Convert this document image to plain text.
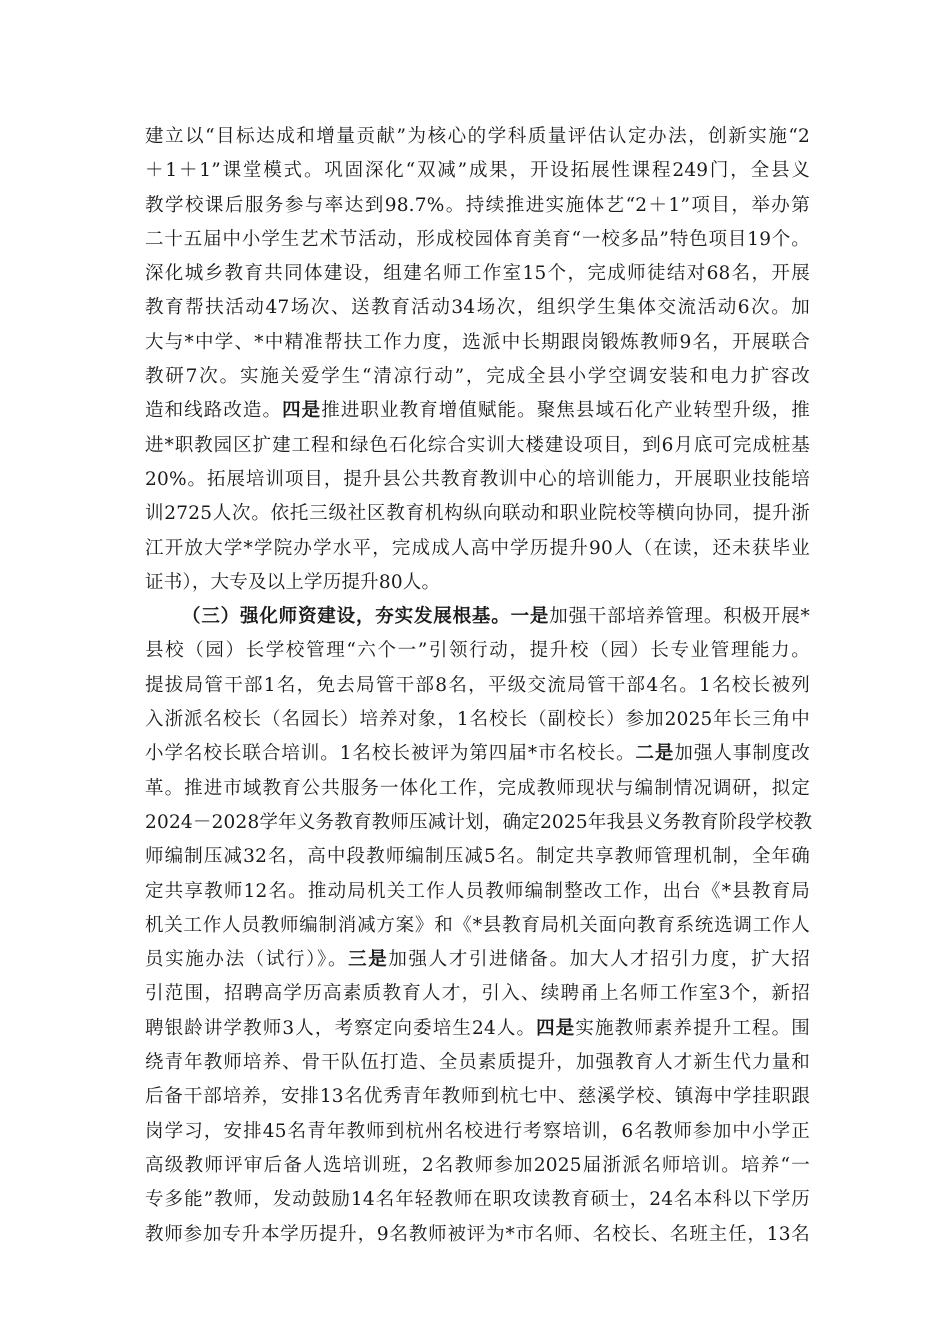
建立以“目标达成和增量贡献”为核心的学科质量评估认定办法，创新实施“2
＋1＋1”课堂模式。巩固深化“双减”成果，开设拓展性课程249门，全县义
教学校课后服务参与率达到98.7%。持续推进实施体艺“2＋1”项目，举办第
二十五届中小学生艺术节活动，形成校园体育美育“一校多品”特色项目19个。
深化城乡教育共同体建设，组建名师工作室15个，完成师徒结对68名，开展
教育帮扶活动47场次、送教育活动34场次，组织学生集体交流活动6次。加
大与*中学、*中精准帮扶工作力度，选派中长期跟岗锻炼教师9名，开展联合
教研7次。实施关爱学生“清凉行动”，完成全县小学空调安装和电力扩容改
造和线路改造。四是推进职业教育增值赋能。聚焦县域石化产业转型升级，推
进*职教园区扩建工程和绿色石化综合实训大楼建设项目，到6月底可完成桩基
20%。拓展培训项目，提升县公共教育教训中心的培训能力，开展职业技能培
训2725人次。依托三级社区教育机构纵向联动和职业院校等横向协同，提升浙
江开放大学*学院办学水平，完成成人高中学历提升90人（在读，还未获毕业
证书），大专及以上学历提升80人。
（三）强化师资建设，夯实发展根基。一是加强干部培养管理。积极开展*
县校（园）长学校管理“六个一”引领行动，提升校（园）长专业管理能力。
提拔局管干部1名，免去局管干部8名，平级交流局管干部4名。1名校长被列
入浙派名校长（名园长）培养对象，1名校长（副校长）参加2025年长三角中
小学名校长联合培训。1名校长被评为第四届*市名校长。二是加强人事制度改
革。推进市域教育公共服务一体化工作，完成教师现状与编制情况调研，拟定
2024－2028学年义务教育教师压减计划，确定2025年我县义务教育阶段学校教
师编制压减32名，高中段教师编制压减5名。制定共享教师管理机制，全年确
定共享教师12名。推动局机关工作人员教师编制整改工作，出台《*县教育局
机关工作人员教师编制消减方案》和《*县教育局机关面向教育系统选调工作人
员实施办法（试行）》。三是加强人才引进储备。加大人才招引力度，扩大招
引范围，招聘高学历高素质教育人才，引入、续聘甬上名师工作室3个，新招
聘银龄讲学教师3人，考察定向委培生24人。四是实施教师素养提升工程。围
绕青年教师培养、骨干队伍打造、全员素质提升，加强教育人才新生代力量和
后备干部培养，安排13名优秀青年教师到杭七中、慈溪学校、镇海中学挂职跟
岗学习，安排45名青年教师到杭州名校进行考察培训，6名教师参加中小学正
高级教师评审后备人选培训班，2名教师参加2025届浙派名师培训。培养“一
专多能”教师，发动鼓励14名年轻教师在职攻读教育硕士，24名本科以下学历
教师参加专升本学历提升，9名教师被评为*市名师、名校长、名班主任，13名
